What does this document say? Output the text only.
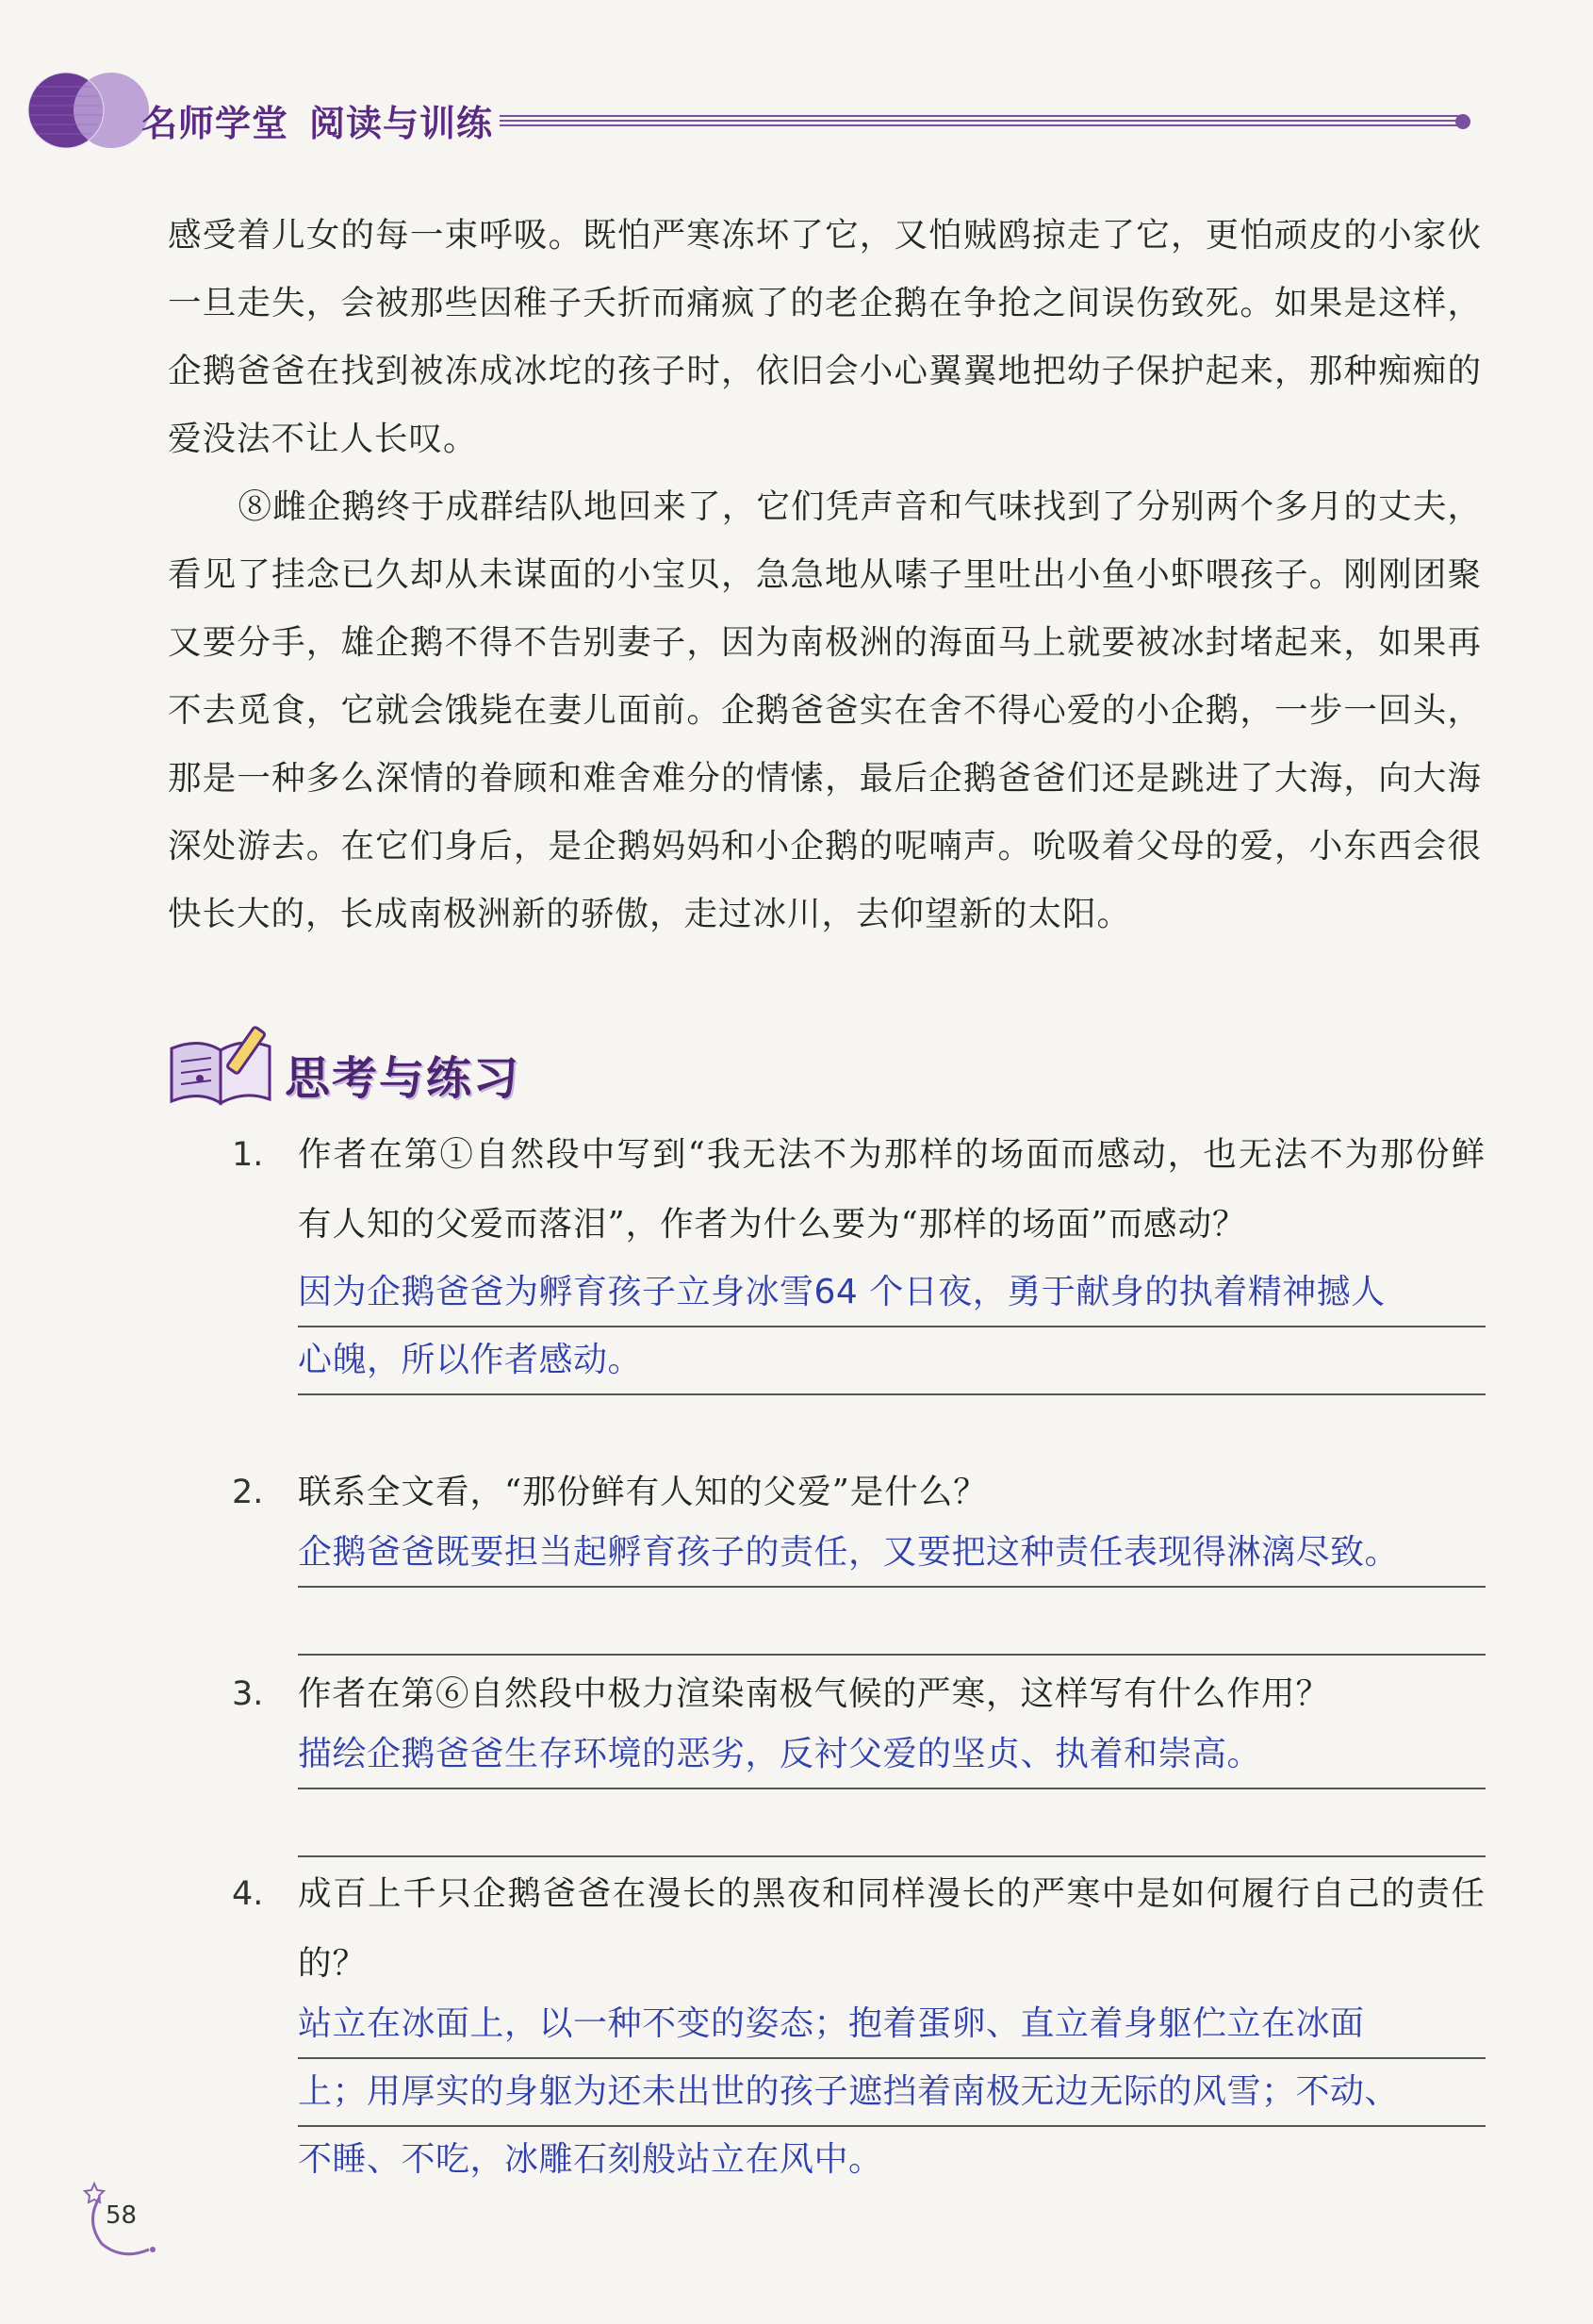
名师学堂 阅读与训练

感受着儿女的每一束呼吸。既怕严寒冻坏了它，又怕贼鸥掠走了它，更怕顽皮的小家伙一旦走失，会被那些因稚子夭折而痛疯了的老企鹅在争抢之间误伤致死。如果是这样，企鹅爸爸在找到被冻成冰坨的孩子时，依旧会小心翼翼地把幼子保护起来，那种痴痴的爱没法不让人长叹。

⑧雌企鹅终于成群结队地回来了，它们凭声音和气味找到了分别两个多月的丈夫，看见了挂念已久却从未谋面的小宝贝，急急地从嗉子里吐出小鱼小虾喂孩子。刚刚团聚又要分手，雄企鹅不得不告别妻子，因为南极洲的海面马上就要被冰封堵起来，如果再不去觅食，它就会饿毙在妻儿面前。企鹅爸爸实在舍不得心爱的小企鹅，一步一回头，那是一种多么深情的眷顾和难舍难分的情愫，最后企鹅爸爸们还是跳进了大海，向大海深处游去。在它们身后，是企鹅妈妈和小企鹅的呢喃声。吮吸着父母的爱，小东西会很快长大的，长成南极洲新的骄傲，走过冰川，去仰望新的太阳。

思考与练习
1. 作者在第①自然段中写到“我无法不为那样的场面而感动，也无法不为那份鲜有人知的父爱而落泪”，作者为什么要为“那样的场面”而感动？
因为企鹅爸爸为孵育孩子立身冰雪64 个日夜，勇于献身的执着精神撼人
心魄，所以作者感动。
2. 联系全文看，“那份鲜有人知的父爱”是什么？
企鹅爸爸既要担当起孵育孩子的责任，又要把这种责任表现得淋漓尽致。
3. 作者在第⑥自然段中极力渲染南极气候的严寒，这样写有什么作用？
描绘企鹅爸爸生存环境的恶劣，反衬父爱的坚贞、执着和崇高。
4. 成百上千只企鹅爸爸在漫长的黑夜和同样漫长的严寒中是如何履行自己的责任的？
站立在冰面上，以一种不变的姿态；抱着蛋卵、直立着身躯伫立在冰面
上；用厚实的身躯为还未出世的孩子遮挡着南极无边无际的风雪；不动、
不睡、不吃，冰雕石刻般站立在风中。
58
